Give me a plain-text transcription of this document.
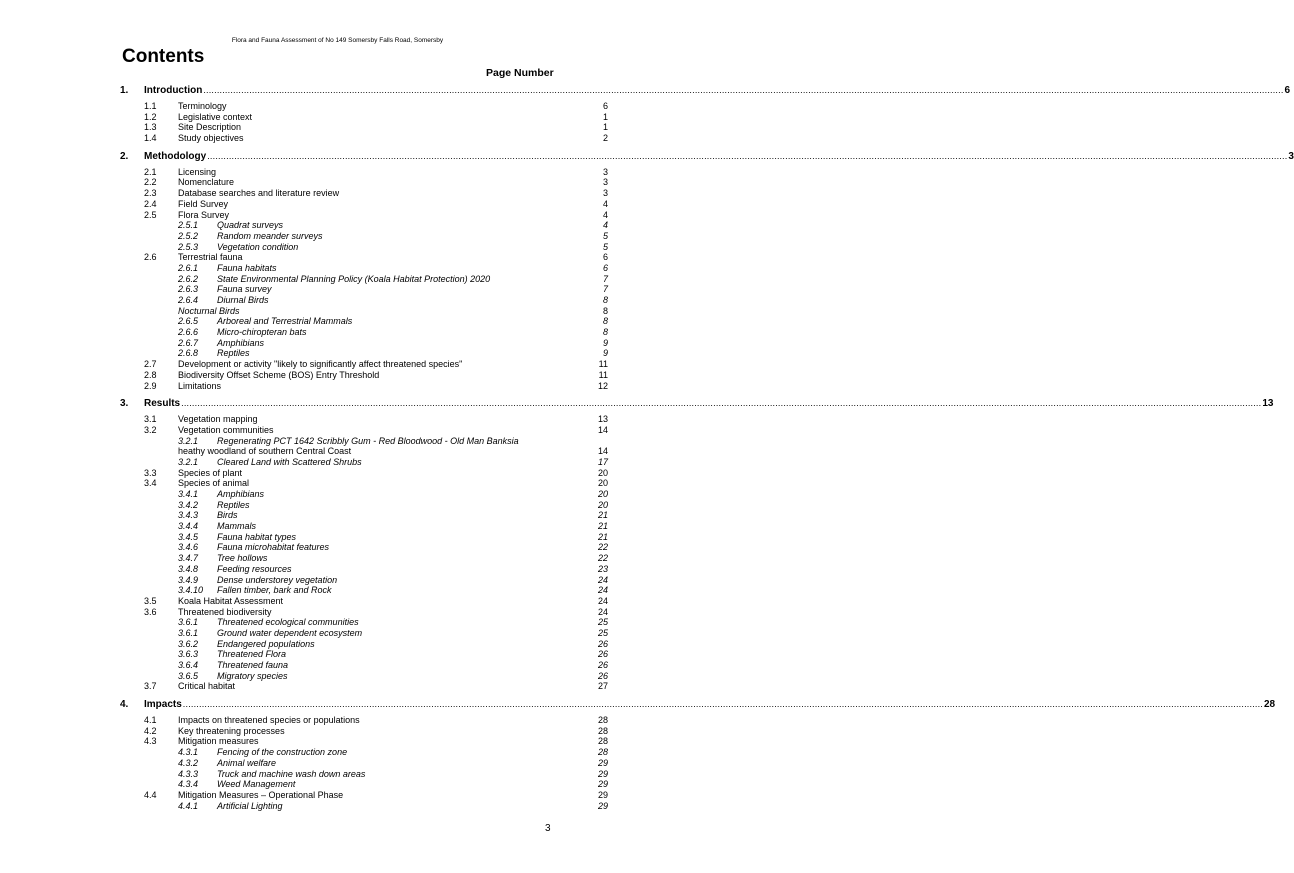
Flora and Fauna Assessment of No 149 Somersby Falls Road, Somersby
Contents
Page Number
1. Introduction ................................................................................................................................................................................................................................................................................................................................................................................................................ 6
1.1 Terminology	6
1.2 Legislative context	1
1.3 Site Description	1
1.4 Study objectives	2
2. Methodology ................................................................................................................................................................................................................................................................................................................................................................................................................ 3
2.1 Licensing	3
2.2 Nomenclature	3
2.3 Database searches and literature review	3
2.4 Field Survey	4
2.5 Flora Survey	4
2.5.1 Quadrat surveys	4
2.5.2 Random meander surveys	5
2.5.3 Vegetation condition	5
2.6 Terrestrial fauna	6
2.6.1 Fauna habitats	6
2.6.2 State Environmental Planning Policy (Koala Habitat Protection) 2020	7
2.6.3 Fauna survey	7
2.6.4 Diurnal Birds	8
Nocturnal Birds	8
2.6.5 Arboreal and Terrestrial Mammals	8
2.6.6 Micro-chiropteran bats	8
2.6.7 Amphibians	9
2.6.8 Reptiles	9
2.7 Development or activity "likely to significantly affect threatened species"	11
2.8 Biodiversity Offset Scheme (BOS) Entry Threshold	11
2.9 Limitations	12
3. Results ................................................................................................................................................................................................................................................................................................................................................................................................................ 13
3.1 Vegetation mapping	13
3.2 Vegetation communities	14
3.2.1 Regenerating PCT 1642 Scribbly Gum - Red Bloodwood - Old Man Banksia
heathy woodland of southern Central Coast	14
3.2.1 Cleared Land with Scattered Shrubs	17
3.3 Species of plant	20
3.4 Species of animal	20
3.4.1 Amphibians	20
3.4.2 Reptiles	20
3.4.3 Birds	21
3.4.4 Mammals	21
3.4.5 Fauna habitat types	21
3.4.6 Fauna microhabitat features	22
3.4.7 Tree hollows	22
3.4.8 Feeding resources	23
3.4.9 Dense understorey vegetation	24
3.4.10 Fallen timber, bark and Rock	24
3.5 Koala Habitat Assessment	24
3.6 Threatened biodiversity	24
3.6.1 Threatened ecological communities	25
3.6.1 Ground water dependent ecosystem	25
3.6.2 Endangered populations	26
3.6.3 Threatened Flora	26
3.6.4 Threatened fauna	26
3.6.5 Migratory species	26
3.7 Critical habitat	27
4. Impacts ................................................................................................................................................................................................................................................................................................................................................................................................................ 28
4.1 Impacts on threatened species or populations	28
4.2 Key threatening processes	28
4.3 Mitigation measures	28
4.3.1 Fencing of the construction zone	28
4.3.2 Animal welfare	29
4.3.3 Truck and machine wash down areas	29
4.3.4 Weed Management	29
4.4 Mitigation Measures – Operational Phase	29
4.4.1 Artificial Lighting	29
3
